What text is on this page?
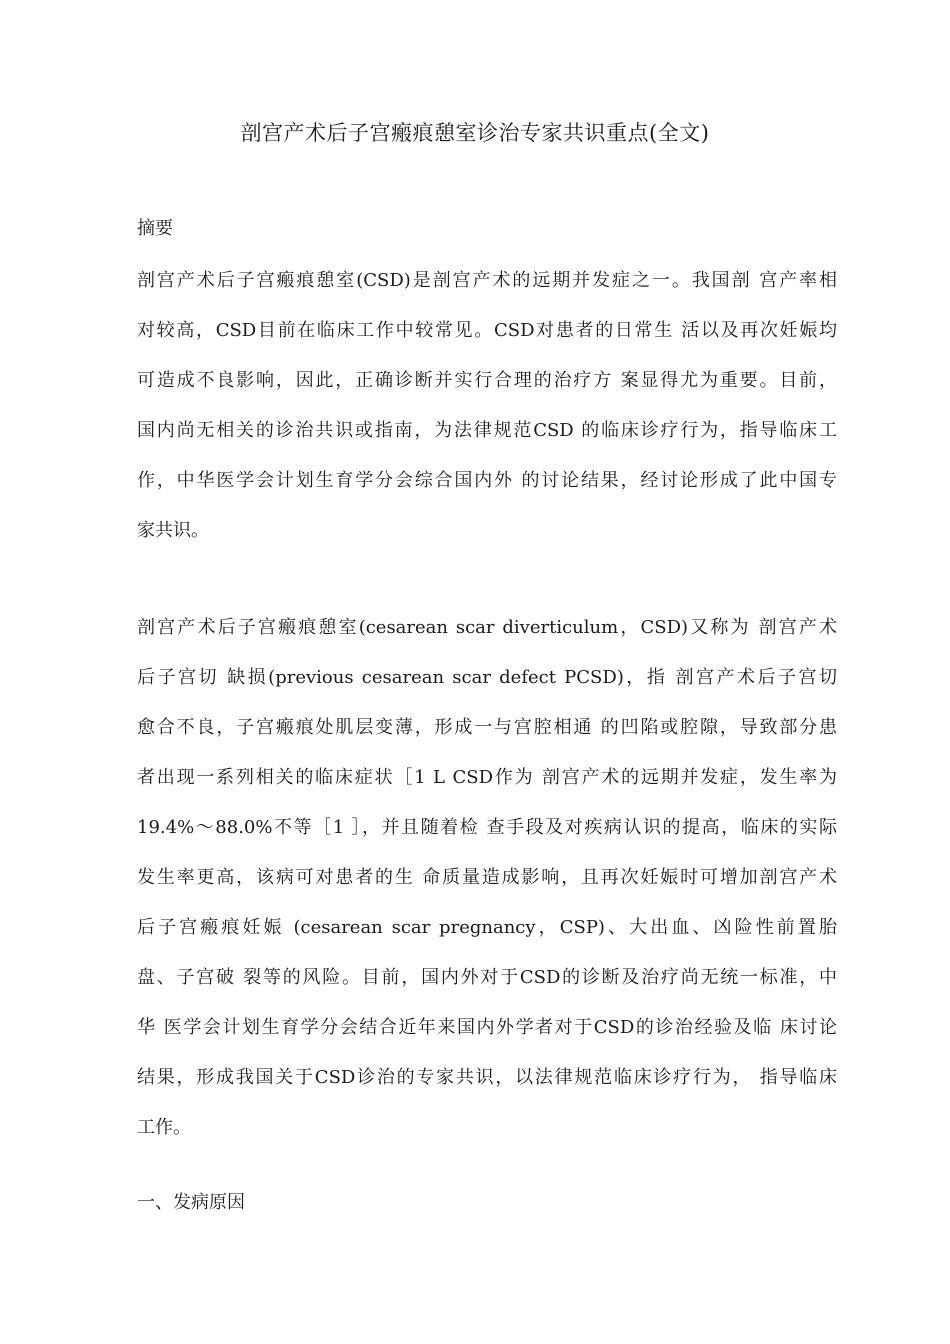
剖宫产术后子宫瘢痕憩室诊治专家共识重点(全文)
摘要
剖宫产术后子宫瘢痕憩室(CSD)是剖宫产术的远期并发症之一。我国剖 宫产率相
对较高，CSD目前在临床工作中较常见。CSD对患者的日常生 活以及再次妊娠均
可造成不良影响，因此，正确诊断并实行合理的治疗方 案显得尤为重要。目前，
国内尚无相关的诊治共识或指南，为法律规范CSD 的临床诊疗行为，指导临床工
作，中华医学会计划生育学分会综合国内外 的讨论结果，经讨论形成了此中国专
家共识。
剖宫产术后子宫瘢痕憩室(cesarean scar diverticulum，CSD)又称为 剖宫产术
后子宫切 缺损(previous cesarean scar defect PCSD)，指 剖宫产术后子宫切
愈合不良，子宫瘢痕处肌层变薄，形成一与宫腔相通 的凹陷或腔隙，导致部分患
者出现一系列相关的临床症状［1 L CSD作为 剖宫产术的远期并发症，发生率为
19.4%〜88.0%不等［1 ］，并且随着检 查手段及对疾病认识的提高，临床的实际
发生率更高，该病可对患者的生 命质量造成影响，且再次妊娠时可增加剖宫产术
后子宫瘢痕妊娠 (cesarean scar pregnancy，CSP)、大出血、凶险性前置胎
盘、子宫破 裂等的风险。目前，国内外对于CSD的诊断及治疗尚无统一标准，中
华 医学会计划生育学分会结合近年来国内外学者对于CSD的诊治经验及临 床讨论
结果，形成我国关于CSD诊治的专家共识，以法律规范临床诊疗行为， 指导临床
工作。
一、发病原因
